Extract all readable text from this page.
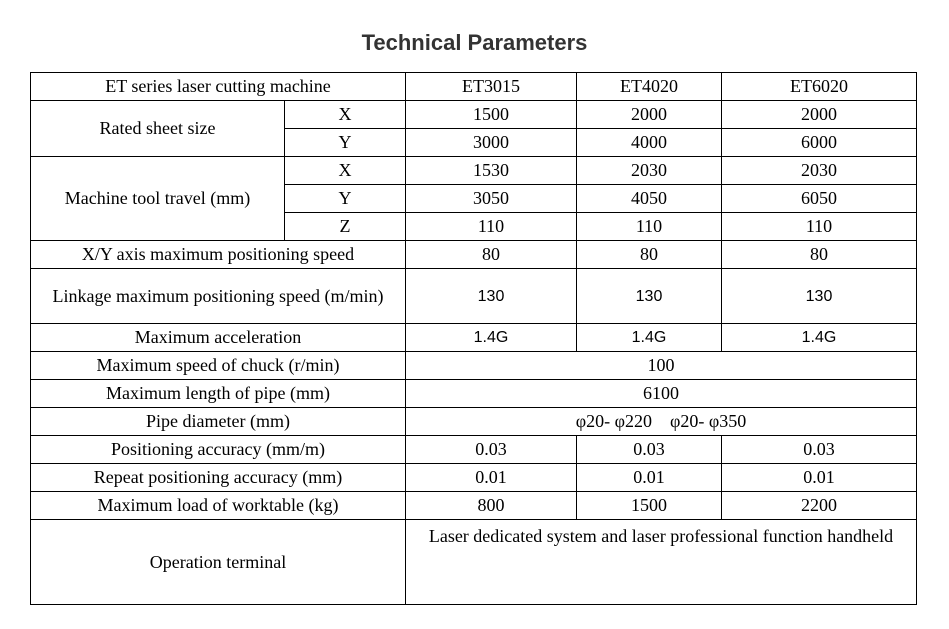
Technical Parameters
ET series laser cutting machine		ET3015	ET4020	ET6020
Rated sheet size	X	1500	2000	2000
	Y	3000	4000	6000
Machine tool travel (mm)	X	1530	2030	2030
	Y	3050	4050	6050
	Z	110	110	110
X/Y axis maximum positioning speed		80	80	80
Linkage maximum positioning speed (m/min)		130	130	130
Maximum acceleration		1.4G	1.4G	1.4G
Maximum speed of chuck (r/min)		100		
Maximum length of pipe (mm)		6100		
Pipe diameter (mm)		φ20- φ220    φ20- φ350		
Positioning accuracy (mm/m)		0.03	0.03	0.03
Repeat positioning accuracy (mm)		0.01	0.01	0.01
Maximum load of worktable (kg)		800	1500	2200
Operation terminal		Laser dedicated system and laser professional function handheld		
